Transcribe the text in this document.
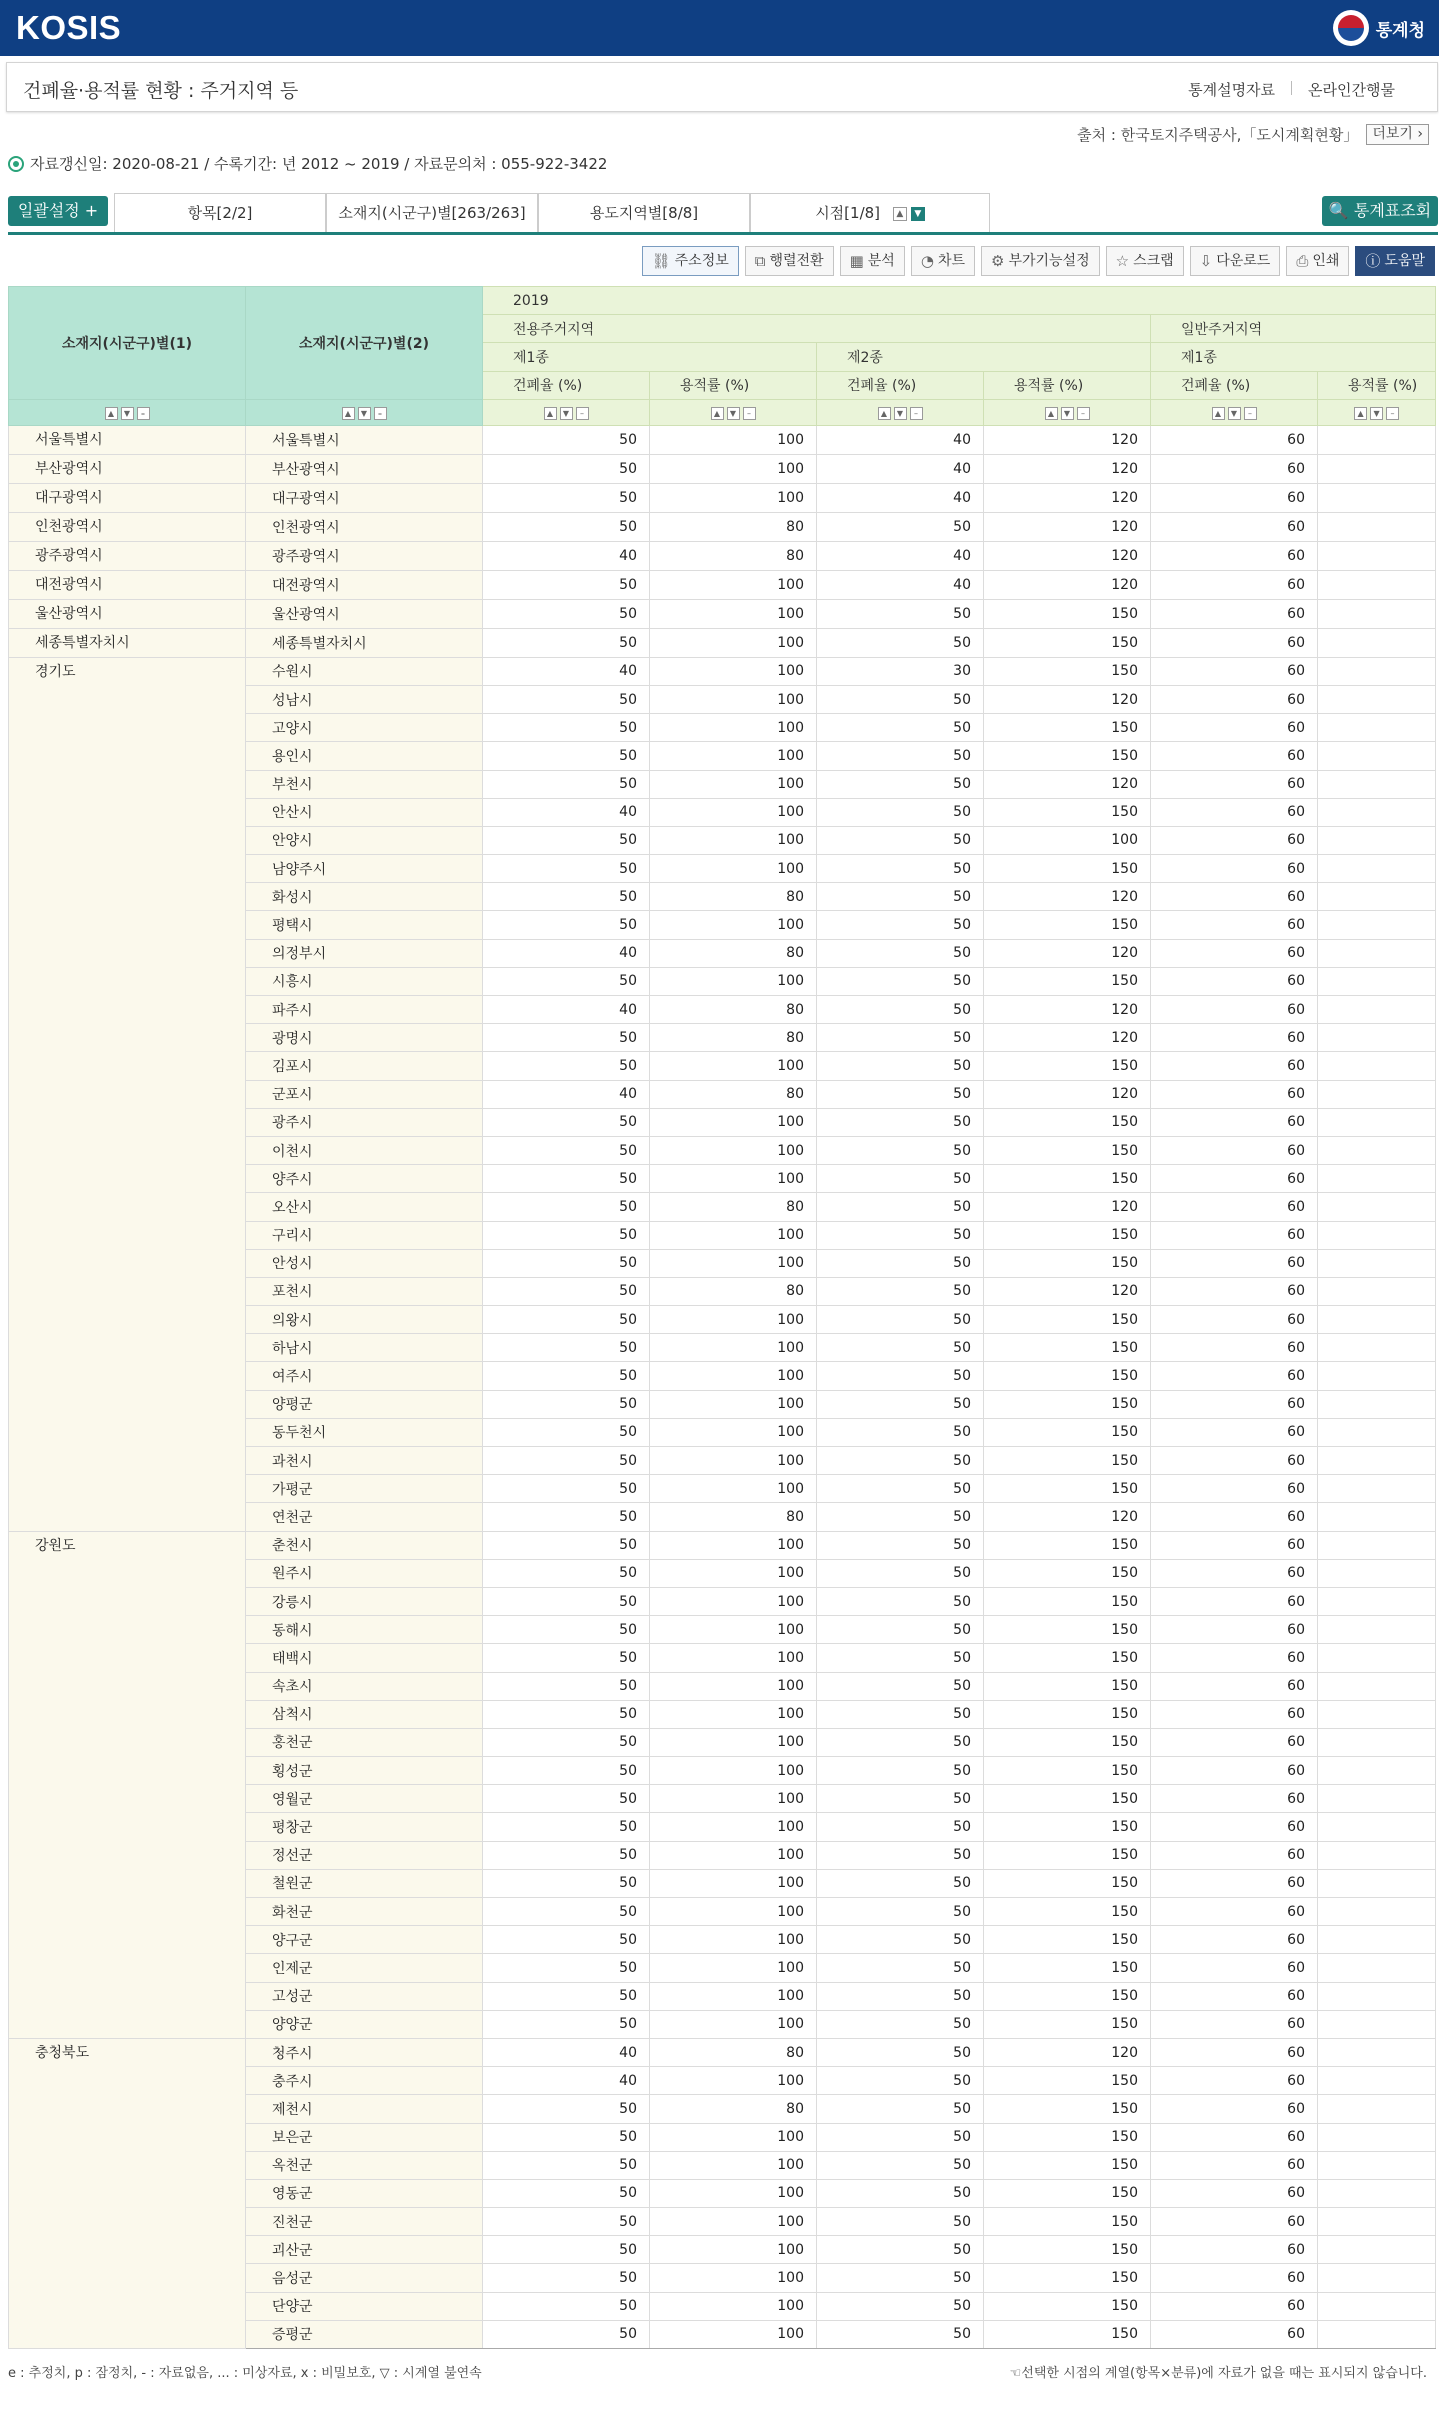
KOSIS	통계청
건폐율·용적률 현황 : 주거지역 등	통계설명자료 온라인간행물
출처 : 한국토지주택공사,「도시계획현황」	더보기 ›
자료갱신일: 2020-08-21 / 수록기간: 년 2012 ~ 2019 / 자료문의처 : 055-922-3422
일괄설정 +	항목[2/2]	소재지(시군구)별[263/263]	용도지역별[8/8]	시점[1/8]	▲	▼	🔍 통계표조회
⛓ 주소정보 ⧉ 행렬전환 ▦ 분석 ◔ 차트 ⚙ 부가기능설정 ☆ 스크랩 ⇩ 다운로드 ⎙ 인쇄 ⓘ 도움말
소재지(시군구)별(1)	소재지(시군구)별(2)	2019					
		전용주거지역				일반주거지역	
		제1종		제2종		제1종	
		건폐율 (%)	용적률 (%)	건폐율 (%)	용적률 (%)	건폐율 (%)	용적률 (%)

▲ ▼ –	▲ ▼ –	▲ ▼ –	▲ ▼ –	▲ ▼ –	▲ ▼ –	▲ ▼ –	▲ ▼ –

서울특별시	서울특별시	50	100	40	120	60	
부산광역시	부산광역시	50	100	40	120	60	
대구광역시	대구광역시	50	100	40	120	60	
인천광역시	인천광역시	50	80	50	120	60	
광주광역시	광주광역시	40	80	40	120	60	
대전광역시	대전광역시	50	100	40	120	60	
울산광역시	울산광역시	50	100	50	150	60	
세종특별자치시	세종특별자치시	50	100	50	150	60	
경기도	수원시	40	100	30	150	60	
	성남시	50	100	50	120	60	
	고양시	50	100	50	150	60	
	용인시	50	100	50	150	60	
	부천시	50	100	50	120	60	
	안산시	40	100	50	150	60	
	안양시	50	100	50	100	60	
	남양주시	50	100	50	150	60	
	화성시	50	80	50	120	60	
	평택시	50	100	50	150	60	
	의정부시	40	80	50	120	60	
	시흥시	50	100	50	150	60	
	파주시	40	80	50	120	60	
	광명시	50	80	50	120	60	
	김포시	50	100	50	150	60	
	군포시	40	80	50	120	60	
	광주시	50	100	50	150	60	
	이천시	50	100	50	150	60	
	양주시	50	100	50	150	60	
	오산시	50	80	50	120	60	
	구리시	50	100	50	150	60	
	안성시	50	100	50	150	60	
	포천시	50	80	50	120	60	
	의왕시	50	100	50	150	60	
	하남시	50	100	50	150	60	
	여주시	50	100	50	150	60	
	양평군	50	100	50	150	60	
	동두천시	50	100	50	150	60	
	과천시	50	100	50	150	60	
	가평군	50	100	50	150	60	
	연천군	50	80	50	120	60	
강원도	춘천시	50	100	50	150	60	
	원주시	50	100	50	150	60	
	강릉시	50	100	50	150	60	
	동해시	50	100	50	150	60	
	태백시	50	100	50	150	60	
	속초시	50	100	50	150	60	
	삼척시	50	100	50	150	60	
	홍천군	50	100	50	150	60	
	횡성군	50	100	50	150	60	
	영월군	50	100	50	150	60	
	평창군	50	100	50	150	60	
	정선군	50	100	50	150	60	
	철원군	50	100	50	150	60	
	화천군	50	100	50	150	60	
	양구군	50	100	50	150	60	
	인제군	50	100	50	150	60	
	고성군	50	100	50	150	60	
	양양군	50	100	50	150	60	
충청북도	청주시	40	80	50	120	60	
	충주시	40	100	50	150	60	
	제천시	50	80	50	150	60	
	보은군	50	100	50	150	60	
	옥천군	50	100	50	150	60	
	영동군	50	100	50	150	60	
	진천군	50	100	50	150	60	
	괴산군	50	100	50	150	60	
	음성군	50	100	50	150	60	
	단양군	50	100	50	150	60	
	증평군	50	100	50	150	60	
e : 추정치, p : 잠정치, - : 자료없음, ... : 미상자료, x : 비밀보호, ▽ : 시계열 불연속	☜선택한 시점의 계열(항목×분류)에 자료가 없을 때는 표시되지 않습니다.
